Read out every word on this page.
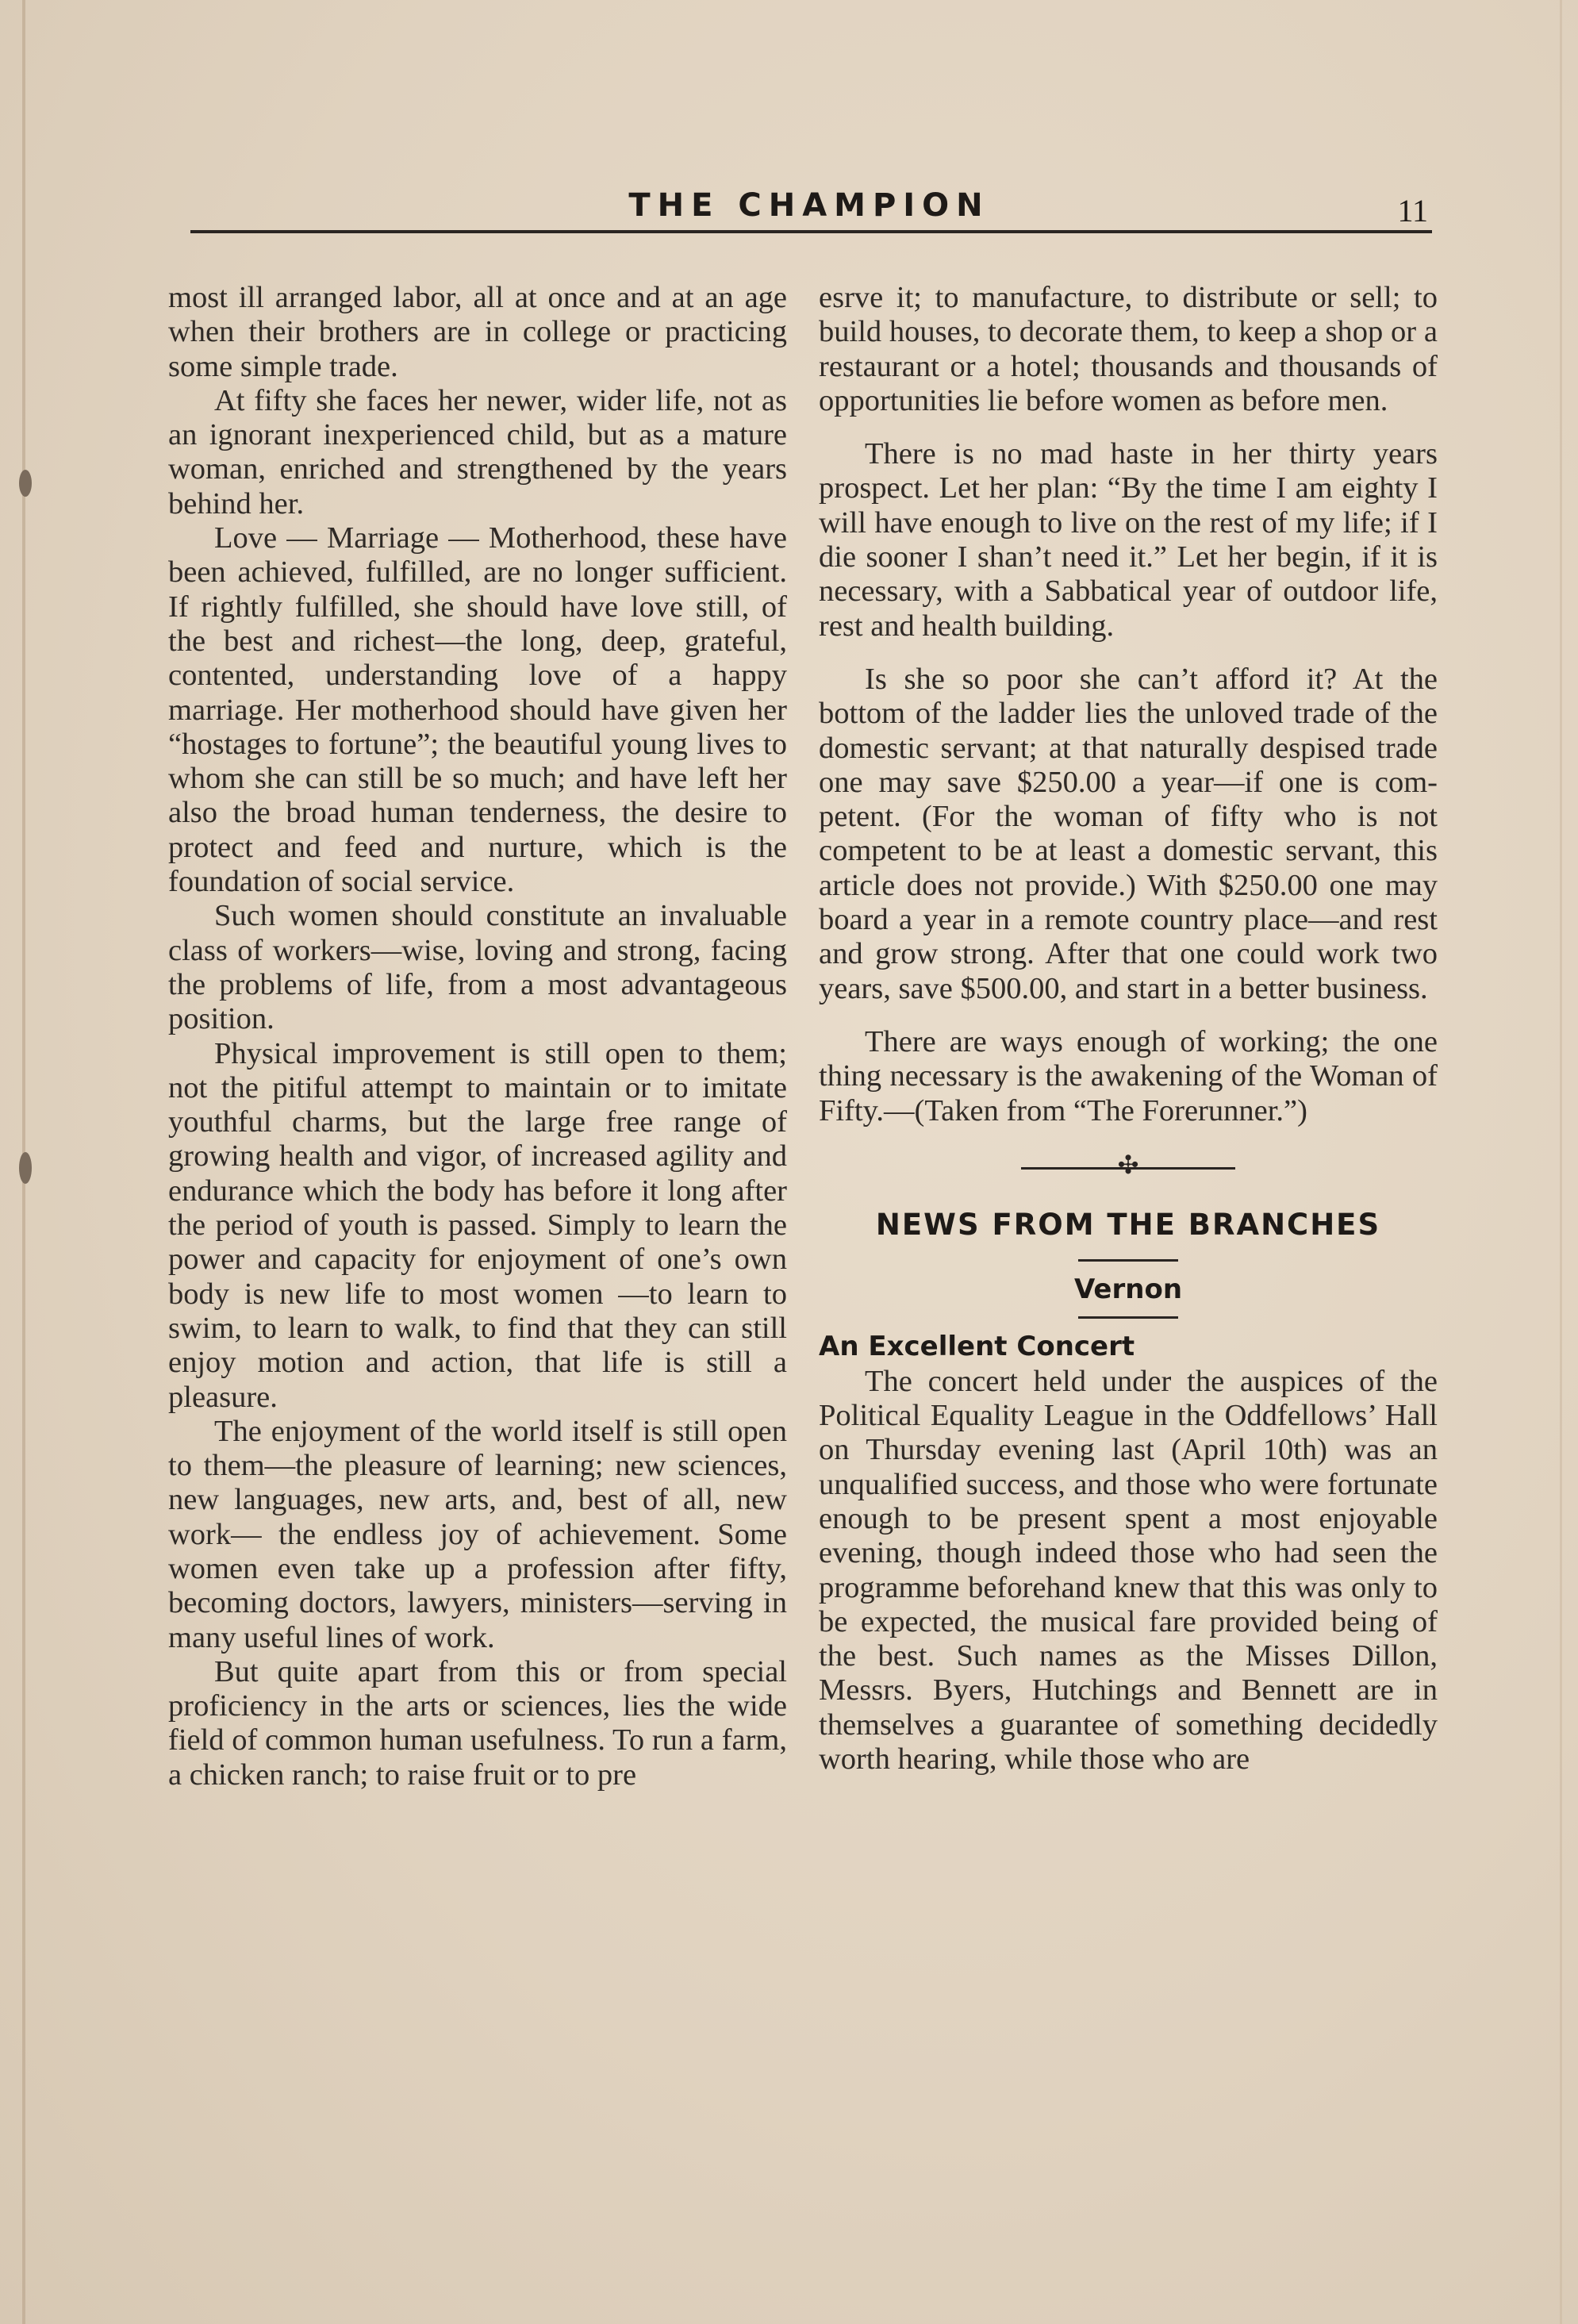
THE CHAMPION	11

most ill arranged labor, all at once and at an age when their brothers are in college or practicing some simple trade.

At fifty she faces her newer, wider life, not as an ignorant inexperienced child, but as a mature woman, enriched and strengthened by the years behind her.

Love — Marriage — Motherhood, these have been achieved, fulfilled, are no longer sufficient. If rightly fulfilled, she should have love still, of the best and richest—the long, deep, grateful, contented, understanding love of a happy marriage. Her motherhood should have given her “hostages to fortune”; the beautiful young lives to whom she can still be so much; and have left her also the broad human tenderness, the desire to protect and feed and nurture, which is the foundation of social service.

Such women should constitute an invaluable class of workers—wise, loving and strong, facing the problems of life, from a most advantageous position.

Physical improvement is still open to them; not the pitiful attempt to maintain or to imitate youthful charms, but the large free range of growing health and vigor, of increased agility and endurance which the body has before it long after the period of youth is passed. Simply to learn the power and capacity for enjoyment of one’s own body is new life to most women —to learn to swim, to learn to walk, to find that they can still enjoy motion and action, that life is still a pleasure.

The enjoyment of the world itself is still open to them—the pleasure of learning; new sciences, new languages, new arts, and, best of all, new work— the endless joy of achievement. Some women even take up a profession after fifty, becoming doctors, lawyers, ministers—serving in many useful lines of work.

But quite apart from this or from special proficiency in the arts or sciences, lies the wide field of common human usefulness. To run a farm, a chicken ranch; to raise fruit or to pre

esrve it; to manufacture, to distribute or sell; to build houses, to decorate them, to keep a shop or a restaurant or a hotel; thousands and thousands of opportunities lie before women as before men.

There is no mad haste in her thirty years prospect. Let her plan: “By the time I am eighty I will have enough to live on the rest of my life; if I die sooner I shan’t need it.” Let her begin, if it is necessary, with a Sabbatical year of outdoor life, rest and health building.

Is she so poor she can’t afford it? At the bottom of the ladder lies the unloved trade of the domestic servant; at that naturally despised trade one may save $250.00 a year—if one is competent. (For the woman of fifty who is not competent to be at least a domestic servant, this article does not provide.) With $250.00 one may board a year in a remote country place—and rest and grow strong. After that one could work two years, save $500.00, and start in a better business.

There are ways enough of working; the one thing necessary is the awakening of the Woman of Fifty.—(Taken from “The Forerunner.”)

✣
NEWS FROM THE BRANCHES
Vernon
An Excellent Concert

The concert held under the auspices of the Political Equality League in the Oddfellows’ Hall on Thursday evening last (April 10th) was an unqualified success, and those who were fortunate enough to be present spent a most enjoyable evening, though indeed those who had seen the programme beforehand knew that this was only to be expected, the musical fare provided being of the best. Such names as the Misses Dillon, Messrs. Byers, Hutchings and Bennett are in themselves a guarantee of something decidedly worth hearing, while those who are
